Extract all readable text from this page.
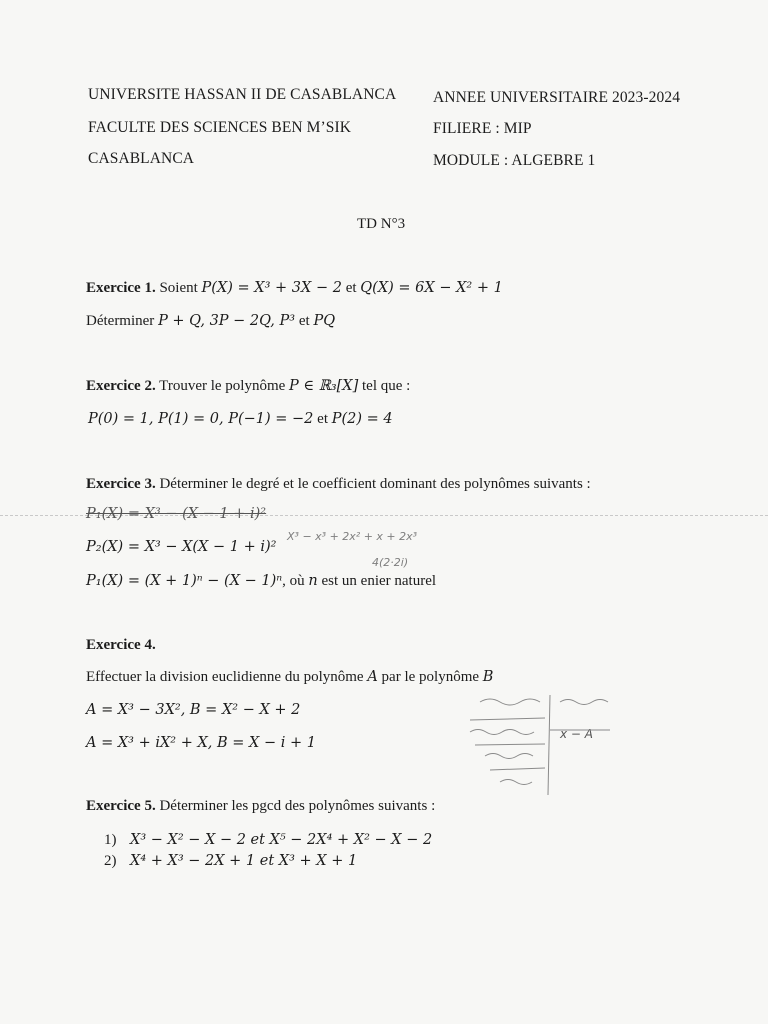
UNIVERSITE HASSAN II DE CASABLANCA
FACULTE DES SCIENCES BEN M’SIK
CASABLANCA
ANNEE UNIVERSITAIRE 2023-2024
FILIERE : MIP
MODULE : ALGEBRE 1
TD N°3
Exercice 1. Soient P(X) = X³ + 3X − 2 et Q(X) = 6X − X² + 1
Déterminer P + Q, 3P − 2Q, P³ et PQ
Exercice 2. Trouver le polynôme P ∈ ℝ₃[X] tel que :
P(0) = 1, P(1) = 0, P(−1) = −2 et P(2) = 4
Exercice 3. Déterminer le degré et le coefficient dominant des polynômes suivants :
P₁(X) = X³ − (X − 1 + i)²
P₂(X) = X³ − X(X − 1 + i)²
P₁(X) = (X + 1)ⁿ − (X − 1)ⁿ, où n est un enier naturel
Exercice 4.
Effectuer la division euclidienne du polynôme A par le polynôme B
A = X³ − 3X², B = X² − X + 2
A = X³ + iX² + X, B = X − i + 1
Exercice 5. Déterminer les pgcd des polynômes suivants :
1) X³ − X² − X − 2 et X⁵ − 2X⁴ + X² − X − 2
2) X⁴ + X³ − 2X + 1 et X³ + X + 1
X³ − x³ + 2x² + x + 2x³
4(2·2i)
x − A
